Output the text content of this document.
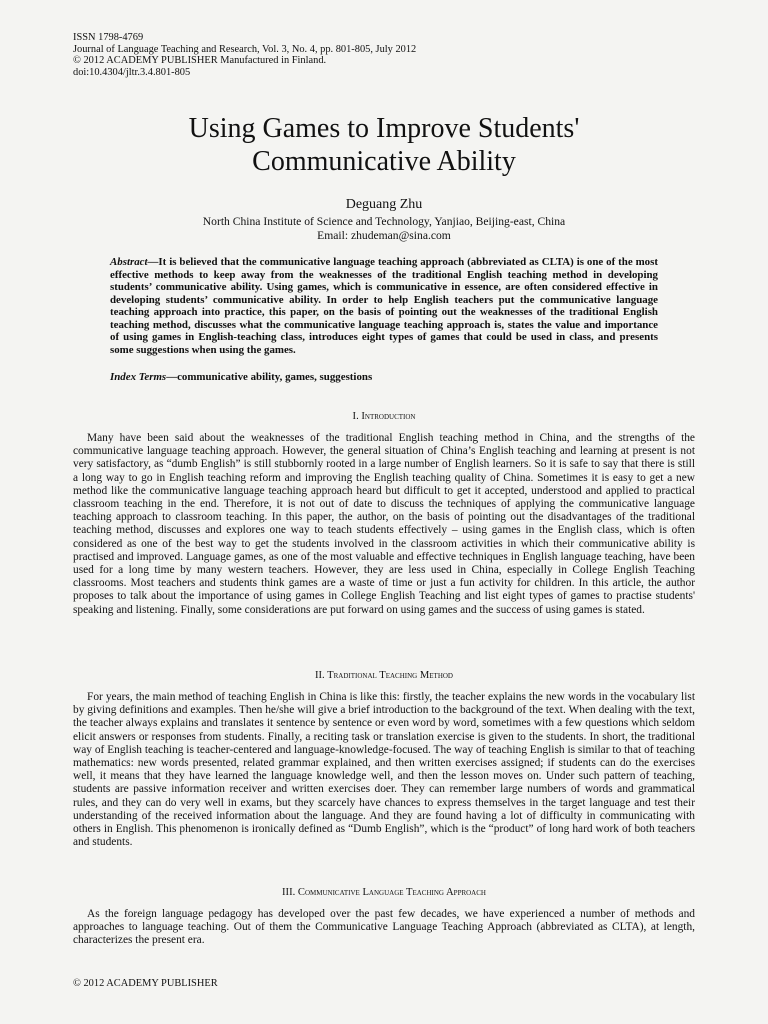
ISSN 1798-4769
Journal of Language Teaching and Research, Vol. 3, No. 4, pp. 801-805, July 2012
© 2012 ACADEMY PUBLISHER Manufactured in Finland.
doi:10.4304/jltr.3.4.801-805
Using Games to Improve Students'
Communicative Ability
Deguang Zhu
North China Institute of Science and Technology, Yanjiao, Beijing-east, China
Email: zhudeman@sina.com
Abstract—It is believed that the communicative language teaching approach (abbreviated as CLTA) is one of the most effective methods to keep away from the weaknesses of the traditional English teaching method in developing students’ communicative ability. Using games, which is communicative in essence, are often considered effective in developing students’ communicative ability. In order to help English teachers put the communicative language teaching approach into practice, this paper, on the basis of pointing out the weaknesses of the traditional English teaching method, discusses what the communicative language teaching approach is, states the value and importance of using games in English-teaching class, introduces eight types of games that could be used in class, and presents some suggestions when using the games.
Index Terms—communicative ability, games, suggestions
I. Introduction
Many have been said about the weaknesses of the traditional English teaching method in China, and the strengths of the communicative language teaching approach. However, the general situation of China’s English teaching and learning at present is not very satisfactory, as “dumb English” is still stubbornly rooted in a large number of English learners. So it is safe to say that there is still a long way to go in English teaching reform and improving the English teaching quality of China. Sometimes it is easy to get a new method like the communicative language teaching approach heard but difficult to get it accepted, understood and applied to practical classroom teaching in the end. Therefore, it is not out of date to discuss the techniques of applying the communicative language teaching approach to classroom teaching. In this paper, the author, on the basis of pointing out the disadvantages of the traditional teaching method, discusses and explores one way to teach students effectively – using games in the English class, which is often considered as one of the best way to get the students involved in the classroom activities in which their communicative ability is practised and improved. Language games, as one of the most valuable and effective techniques in English language teaching, have been used for a long time by many western teachers. However, they are less used in China, especially in College English Teaching classrooms. Most teachers and students think games are a waste of time or just a fun activity for children. In this article, the author proposes to talk about the importance of using games in College English Teaching and list eight types of games to practise students' speaking and listening. Finally, some considerations are put forward on using games and the success of using games is stated.
II. Traditional Teaching Method
For years, the main method of teaching English in China is like this: firstly, the teacher explains the new words in the vocabulary list by giving definitions and examples. Then he/she will give a brief introduction to the background of the text. When dealing with the text, the teacher always explains and translates it sentence by sentence or even word by word, sometimes with a few questions which seldom elicit answers or responses from students. Finally, a reciting task or translation exercise is given to the students. In short, the traditional way of English teaching is teacher-centered and language-knowledge-focused. The way of teaching English is similar to that of teaching mathematics: new words presented, related grammar explained, and then written exercises assigned; if students can do the exercises well, it means that they have learned the language knowledge well, and then the lesson moves on. Under such pattern of teaching, students are passive information receiver and written exercises doer. They can remember large numbers of words and grammatical rules, and they can do very well in exams, but they scarcely have chances to express themselves in the target language and test their understanding of the received information about the language. And they are found having a lot of difficulty in communicating with others in English. This phenomenon is ironically defined as “Dumb English”, which is the “product” of long hard work of both teachers and students.
III. Communicative Language Teaching Approach
As the foreign language pedagogy has developed over the past few decades, we have experienced a number of methods and approaches to language teaching. Out of them the Communicative Language Teaching Approach (abbreviated as CLTA), at length, characterizes the present era.
© 2012 ACADEMY PUBLISHER
